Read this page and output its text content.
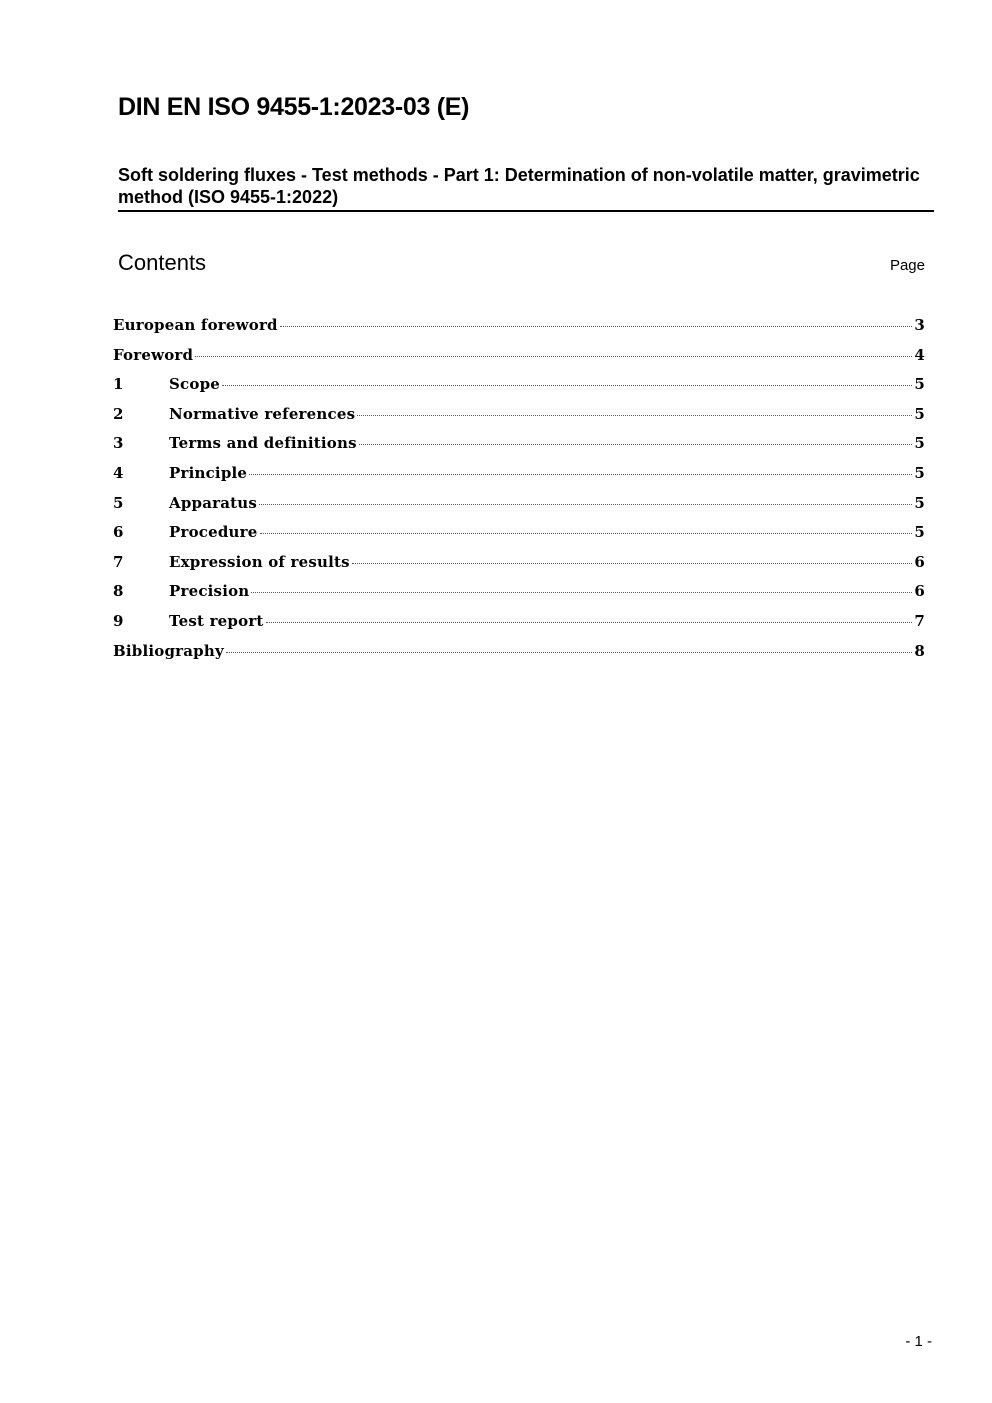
DIN EN ISO 9455-1:2023-03 (E)
Soft soldering fluxes - Test methods - Part 1: Determination of non-volatile matter, gravimetric method (ISO 9455-1:2022)
Contents	Page
European foreword	3
Foreword	4
1	Scope	5
2	Normative references	5
3	Terms and definitions	5
4	Principle	5
5	Apparatus	5
6	Procedure	5
7	Expression of results	6
8	Precision	6
9	Test report	7
Bibliography	8
- 1 -
